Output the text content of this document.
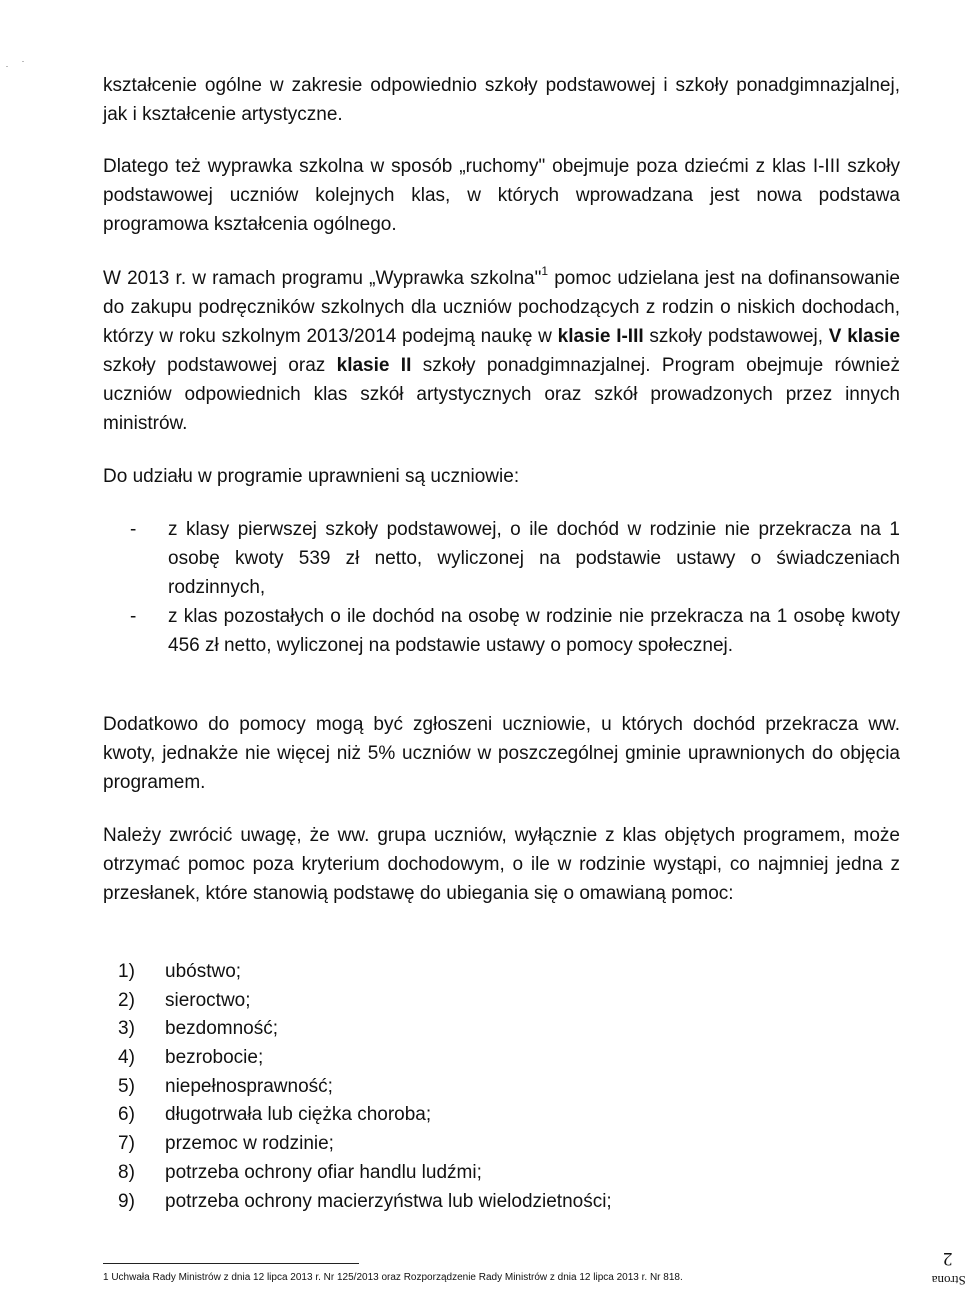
kształcenie ogólne w zakresie odpowiednio szkoły podstawowej i szkoły ponadgimnazjalnej, jak i kształcenie artystyczne.

Dlatego też wyprawka szkolna w sposób „ruchomy" obejmuje poza dziećmi z klas I-III szkoły podstawowej uczniów kolejnych klas, w których wprowadzana jest nowa podstawa programowa kształcenia ogólnego.

W 2013 r. w ramach programu „Wyprawka szkolna"$^1$ pomoc udzielana jest na dofinansowanie do zakupu podręczników szkolnych dla uczniów pochodzących z rodzin o niskich dochodach, którzy w roku szkolnym 2013/2014 podejmą naukę w klasie I-III szkoły podstawowej, V klasie szkoły podstawowej oraz klasie II szkoły ponadgimnazjalnej. Program obejmuje również uczniów odpowiednich klas szkół artystycznych oraz szkół prowadzonych przez innych ministrów.

Do udziału w programie uprawnieni są uczniowie:

- z klasy pierwszej szkoły podstawowej, o ile dochód w rodzinie nie przekracza na 1 osobę kwoty 539 zł netto, wyliczonej na podstawie ustawy o świadczeniach rodzinnych,
- z klas pozostałych o ile dochód na osobę w rodzinie nie przekracza na 1 osobę kwoty 456 zł netto, wyliczonej na podstawie ustawy o pomocy społecznej.

Dodatkowo do pomocy mogą być zgłoszeni uczniowie, u których dochód przekracza ww. kwoty, jednakże nie więcej niż 5% uczniów w poszczególnej gminie uprawnionych do objęcia programem.

Należy zwrócić uwagę, że ww. grupa uczniów, wyłącznie z klas objętych programem, może otrzymać pomoc poza kryterium dochodowym, o ile w rodzinie wystąpi, co najmniej jedna z przesłanek, które stanowią podstawę do ubiegania się o omawianą pomoc:

1)	ubóstwo;
2)	sieroctwo;
3)	bezdomność;
4)	bezrobocie;
5)	niepełnosprawność;
6)	długotrwała lub ciężka choroba;
7)	przemoc w rodzinie;
8)	potrzeba ochrony ofiar handlu ludźmi;
9)	potrzeba ochrony macierzyństwa lub wielodzietności;
1 Uchwała Rady Ministrów z dnia 12 lipca 2013 r. Nr 125/2013 oraz Rozporządzenie Rady Ministrów z dnia 12 lipca 2013 r. Nr 818.	Strona2
